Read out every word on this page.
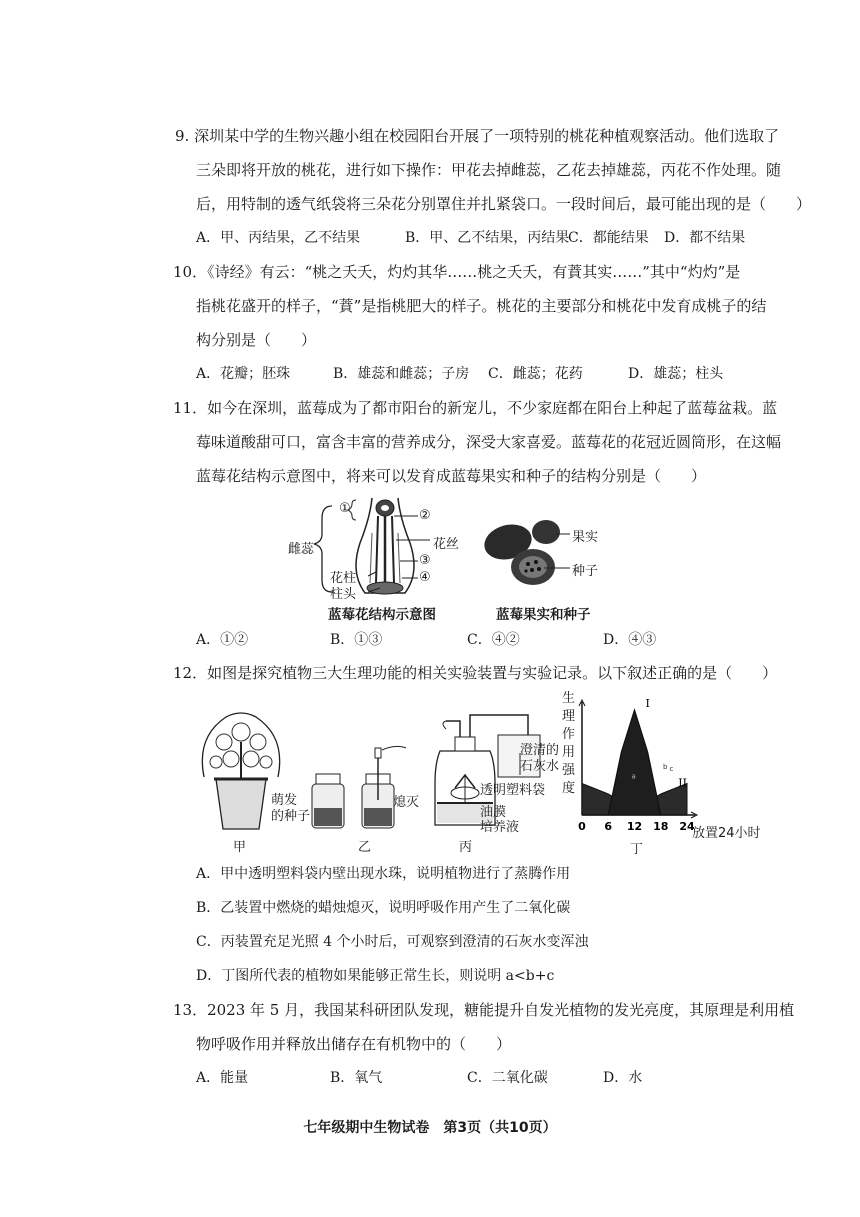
9. 深圳某中学的生物兴趣小组在校园阳台开展了一项特别的桃花种植观察活动。他们选取了
三朵即将开放的桃花，进行如下操作：甲花去掉雌蕊，乙花去掉雄蕊，丙花不作处理。随
后，用特制的透气纸袋将三朵花分别罩住并扎紧袋口。一段时间后，最可能出现的是（　　）
A．甲、丙结果，乙不结果	B．甲、乙不结果，丙结果
C．都能结果 D．都不结果
10．《诗经》有云：“桃之夭夭，灼灼其华……桃之夭夭，有蕡其实……”其中“灼灼”是
指桃花盛开的样子，“蕡”是指桃肥大的样子。桃花的主要部分和桃花中发育成桃子的结
构分别是（　　）
A．花瓣；胚珠	B．雄蕊和雌蕊；子房 C．雌蕊；花药	D．雄蕊；柱头
11．如今在深圳，蓝莓成为了都市阳台的新宠儿，不少家庭都在阳台上种起了蓝莓盆栽。蓝
莓味道酸甜可口，富含丰富的营养成分，深受大家喜爱。蓝莓花的花冠近圆筒形，在这幅
蓝莓花结构示意图中，将来可以发育成蓝莓果实和种子的结构分别是（　　）
①	②
花丝
③
④
雌蕊
花柱
柱头
蓝莓花结构示意图
果实
种子
蓝莓果实和种子
A．①②	B．①③	C．④②	D．④③
12．如图是探究植物三大生理功能的相关实验装置与实验记录。以下叙述正确的是（　　）
甲
萌发
的种子
熄灭
乙
澄清的
石灰水
透明塑料袋
油膜
培养液
丙
I
II
a
b c
0 6 12 18 24
生理作用强度
放置24小时
丁
A．甲中透明塑料袋内壁出现水珠，说明植物进行了蒸腾作用
B．乙装置中燃烧的蜡烛熄灭，说明呼吸作用产生了二氧化碳
C．丙装置充足光照 4 个小时后，可观察到澄清的石灰水变浑浊
D．丁图所代表的植物如果能够正常生长，则说明 a<b+c
13．2023 年 5 月，我国某科研团队发现，糖能提升自发光植物的发光亮度，其原理是利用植
物呼吸作用并释放出储存在有机物中的（　　）
A．能量	B．氧气	C．二氧化碳	D．水
七年级期中生物试卷　第3页（共10页）
